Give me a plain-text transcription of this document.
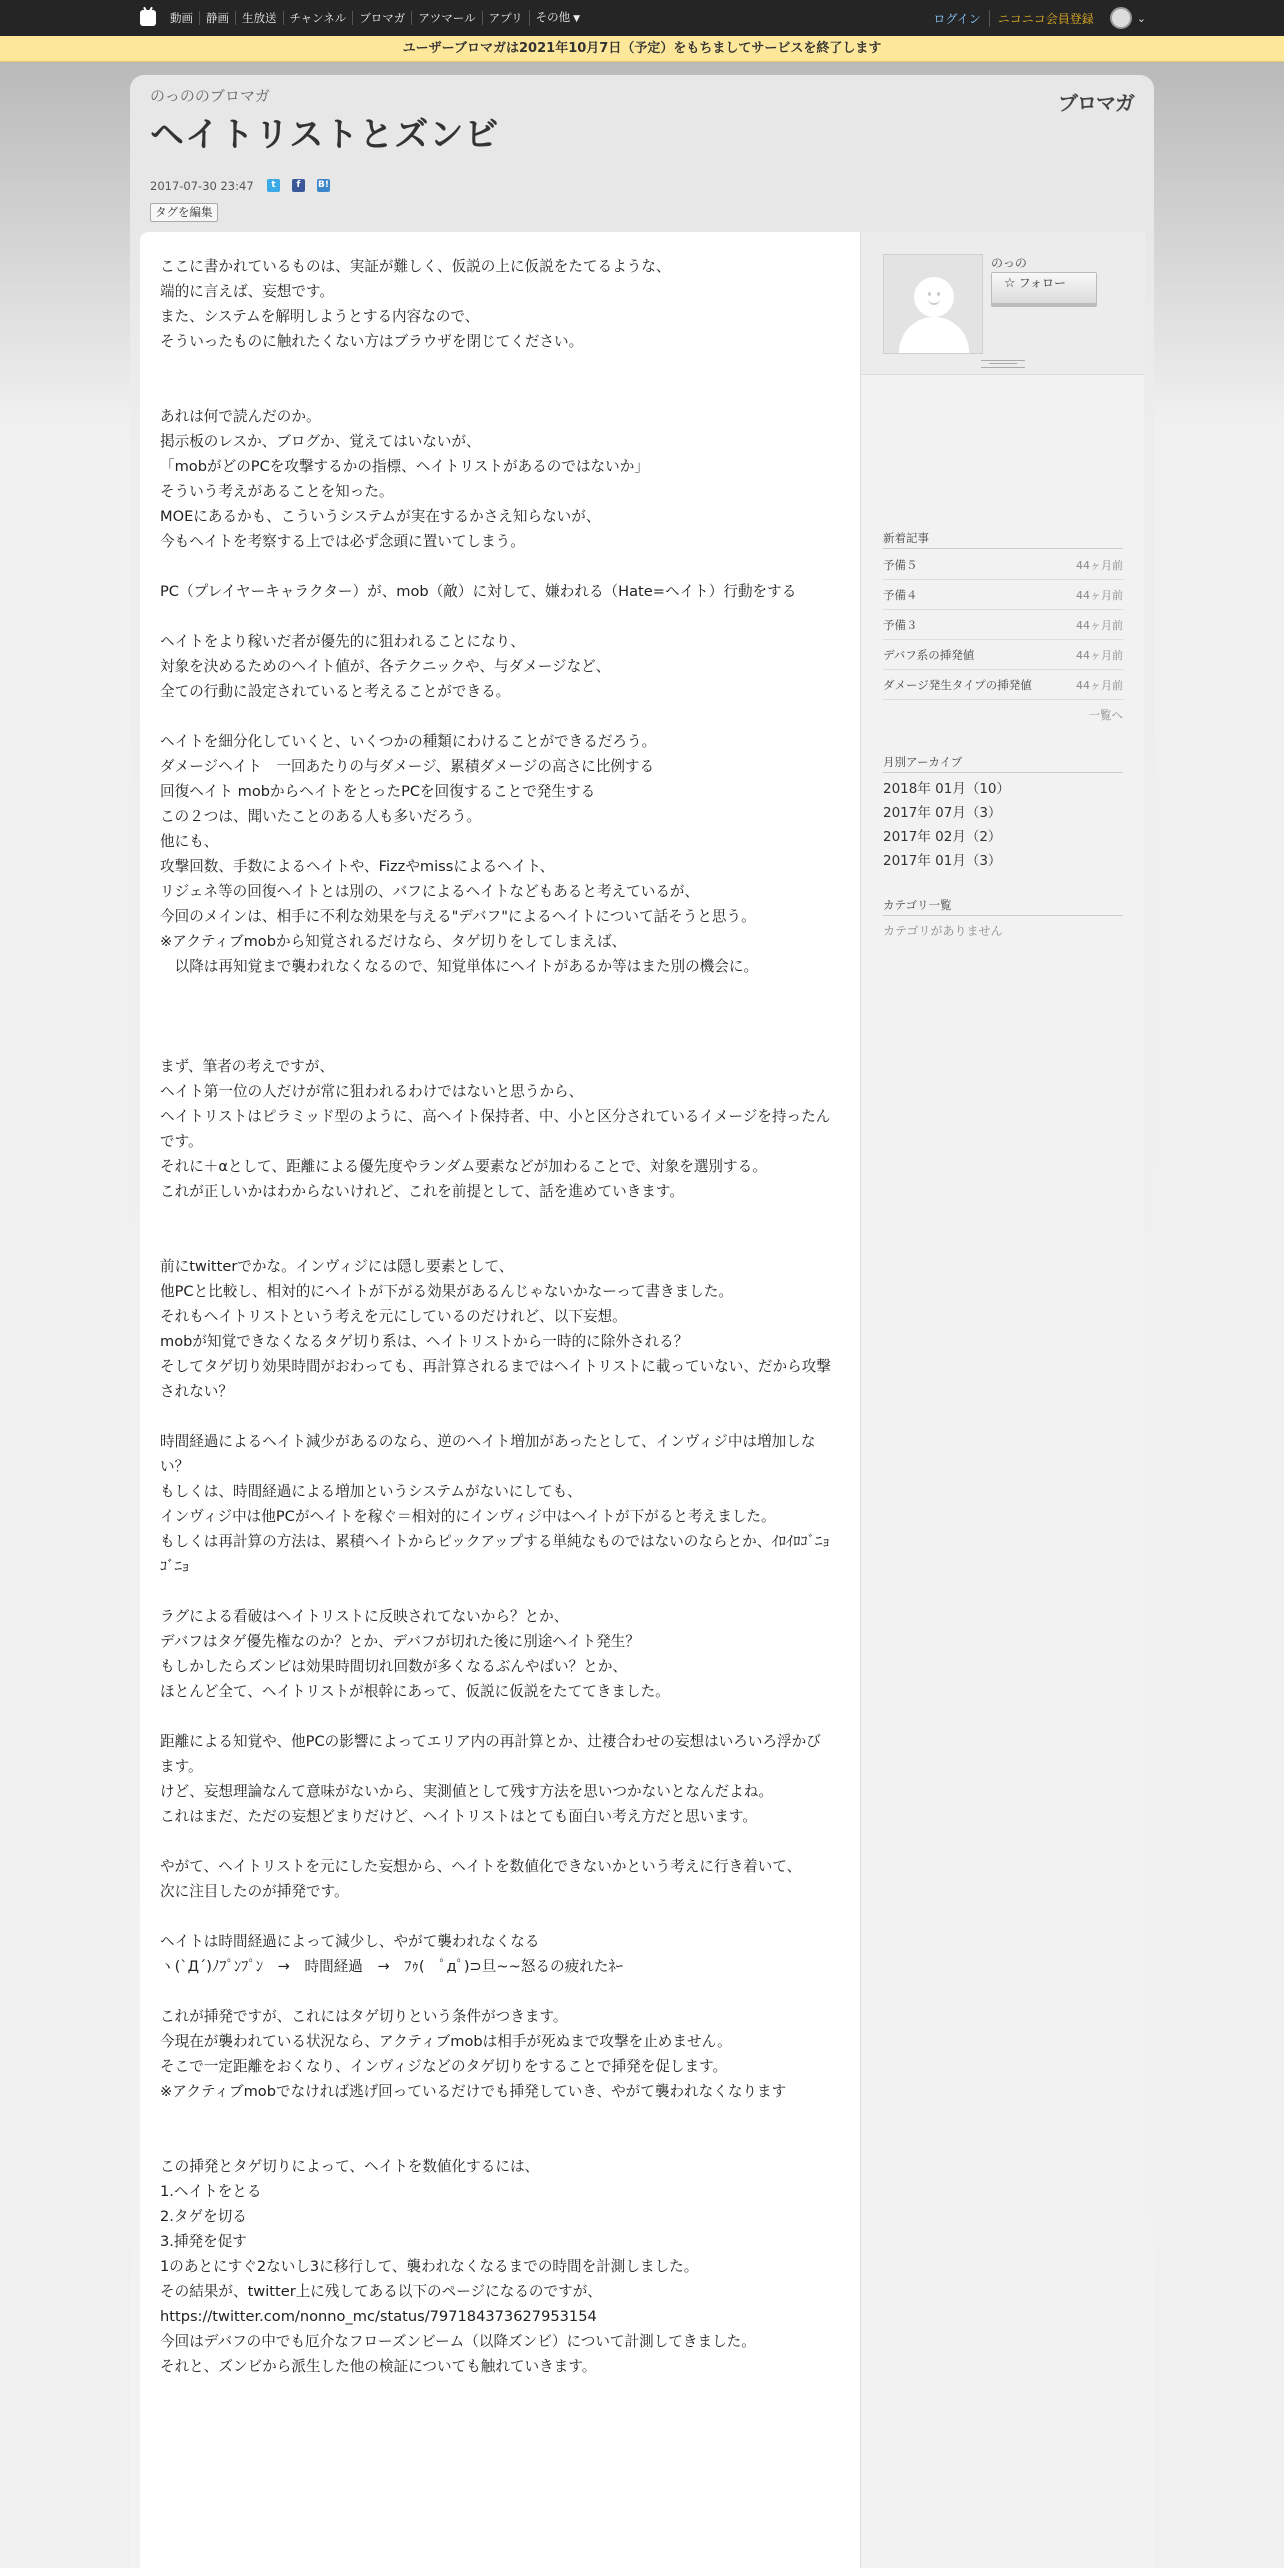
動画	静画	生放送	チャンネル	ブロマガ	アツマール	アプリ	その他 ▼	ログイン	ニコニコ会員登録	⌄
ユーザーブロマガは2021年10月7日（予定）をもちましてサービスを終了します
のっののブロマガ
ヘイトリストとズンビ
ブロマガ
2017-07-30 23:47	t	f	B!
タグを編集

ここに書かれているものは、実証が難しく、仮説の上に仮説をたてるような、
端的に言えば、妄想です。
また、システムを解明しようとする内容なので、
そういったものに触れたくない方はブラウザを閉じてください。

あれは何で読んだのか。
掲示板のレスか、ブログか、覚えてはいないが、
「mobがどのPCを攻撃するかの指標、ヘイトリストがあるのではないか」
そういう考えがあることを知った。
MOEにあるかも、こういうシステムが実在するかさえ知らないが、
今もヘイトを考察する上では必ず念頭に置いてしまう。

PC（プレイヤーキャラクター）が、mob（敵）に対して、嫌われる（Hate=ヘイト）行動をする

ヘイトをより稼いだ者が優先的に狙われることになり、
対象を決めるためのヘイト値が、各テクニックや、与ダメージなど、
全ての行動に設定されていると考えることができる。

ヘイトを細分化していくと、いくつかの種類にわけることができるだろう。
ダメージヘイト　一回あたりの与ダメージ、累積ダメージの高さに比例する
回復ヘイト mobからヘイトをとったPCを回復することで発生する
この２つは、聞いたことのある人も多いだろう。
他にも、
攻撃回数、手数によるヘイトや、Fizzやmissによるヘイト、
リジェネ等の回復ヘイトとは別の、バフによるヘイトなどもあると考えているが、
今回のメインは、相手に不利な効果を与える"デバフ"によるヘイトについて話そうと思う。
※アクティブmobから知覚されるだけなら、タゲ切りをしてしまえば、
　以降は再知覚まで襲われなくなるので、知覚単体にヘイトがあるか等はまた別の機会に。

まず、筆者の考えですが、
ヘイト第一位の人だけが常に狙われるわけではないと思うから、
ヘイトリストはピラミッド型のように、高ヘイト保持者、中、小と区分されているイメージを持ったんです。
それに＋αとして、距離による優先度やランダム要素などが加わることで、対象を選別する。
これが正しいかはわからないけれど、これを前提として、話を進めていきます。

前にtwitterでかな。インヴィジには隠し要素として、
他PCと比較し、相対的にヘイトが下がる効果があるんじゃないかなーって書きました。
それもヘイトリストという考えを元にしているのだけれど、以下妄想。
mobが知覚できなくなるタゲ切り系は、ヘイトリストから一時的に除外される？
そしてタゲ切り効果時間がおわっても、再計算されるまではヘイトリストに載っていない、だから攻撃されない？

時間経過によるヘイト減少があるのなら、逆のヘイト増加があったとして、インヴィジ中は増加しない？
もしくは、時間経過による増加というシステムがないにしても、
インヴィジ中は他PCがヘイトを稼ぐ＝相対的にインヴィジ中はヘイトが下がると考えました。
もしくは再計算の方法は、累積ヘイトからピックアップする単純なものではないのならとか、ｲﾛｲﾛｺﾞﾆｮｺﾞﾆｮ

ラグによる看破はヘイトリストに反映されてないから？とか、
デバフはタゲ優先権なのか？とか、デバフが切れた後に別途ヘイト発生？
もしかしたらズンビは効果時間切れ回数が多くなるぶんやばい？とか、
ほとんど全て、ヘイトリストが根幹にあって、仮説に仮説をたててきました。

距離による知覚や、他PCの影響によってエリア内の再計算とか、辻褄合わせの妄想はいろいろ浮かびます。
けど、妄想理論なんて意味がないから、実測値として残す方法を思いつかないとなんだよね。
これはまだ、ただの妄想どまりだけど、ヘイトリストはとても面白い考え方だと思います。

やがて、ヘイトリストを元にした妄想から、ヘイトを数値化できないかという考えに行き着いて、
次に注目したのが挿発です。

ヘイトは時間経過によって減少し、やがて襲われなくなる
ヽ(`Д´)ﾉﾌﾟﾝﾌﾟﾝ　→　時間経過　→　ﾌｩ(　ﾟдﾟ)⊃旦~~怒るの疲れたﾈｰ

これが挿発ですが、これにはタゲ切りという条件がつきます。
今現在が襲われている状況なら、アクティブmobは相手が死ぬまで攻撃を止めません。
そこで一定距離をおくなり、インヴィジなどのタゲ切りをすることで挿発を促します。
※アクティブmobでなければ逃げ回っているだけでも挿発していき、やがて襲われなくなります

この挿発とタゲ切りによって、ヘイトを数値化するには、
1.ヘイトをとる
2.タゲを切る
3.挿発を促す
1のあとにすぐ2ないし3に移行して、襲われなくなるまでの時間を計測しました。
その結果が、twitter上に残してある以下のページになるのですが、
https://twitter.com/nonno_mc/status/797184373627953154
今回はデバフの中でも厄介なフローズンビーム（以降ズンビ）について計測してきました。
それと、ズンビから派生した他の検証についても触れていきます。

のっの
☆ フォロー
新着記事
予備５	44ヶ月前
予備４	44ヶ月前
予備３	44ヶ月前
デバフ系の挿発値	44ヶ月前
ダメージ発生タイプの挿発値	44ヶ月前
一覧へ
月別アーカイブ
2018年 01月（10）
2017年 07月（3）
2017年 02月（2）
2017年 01月（3）
カテゴリ一覧
カテゴリがありません
